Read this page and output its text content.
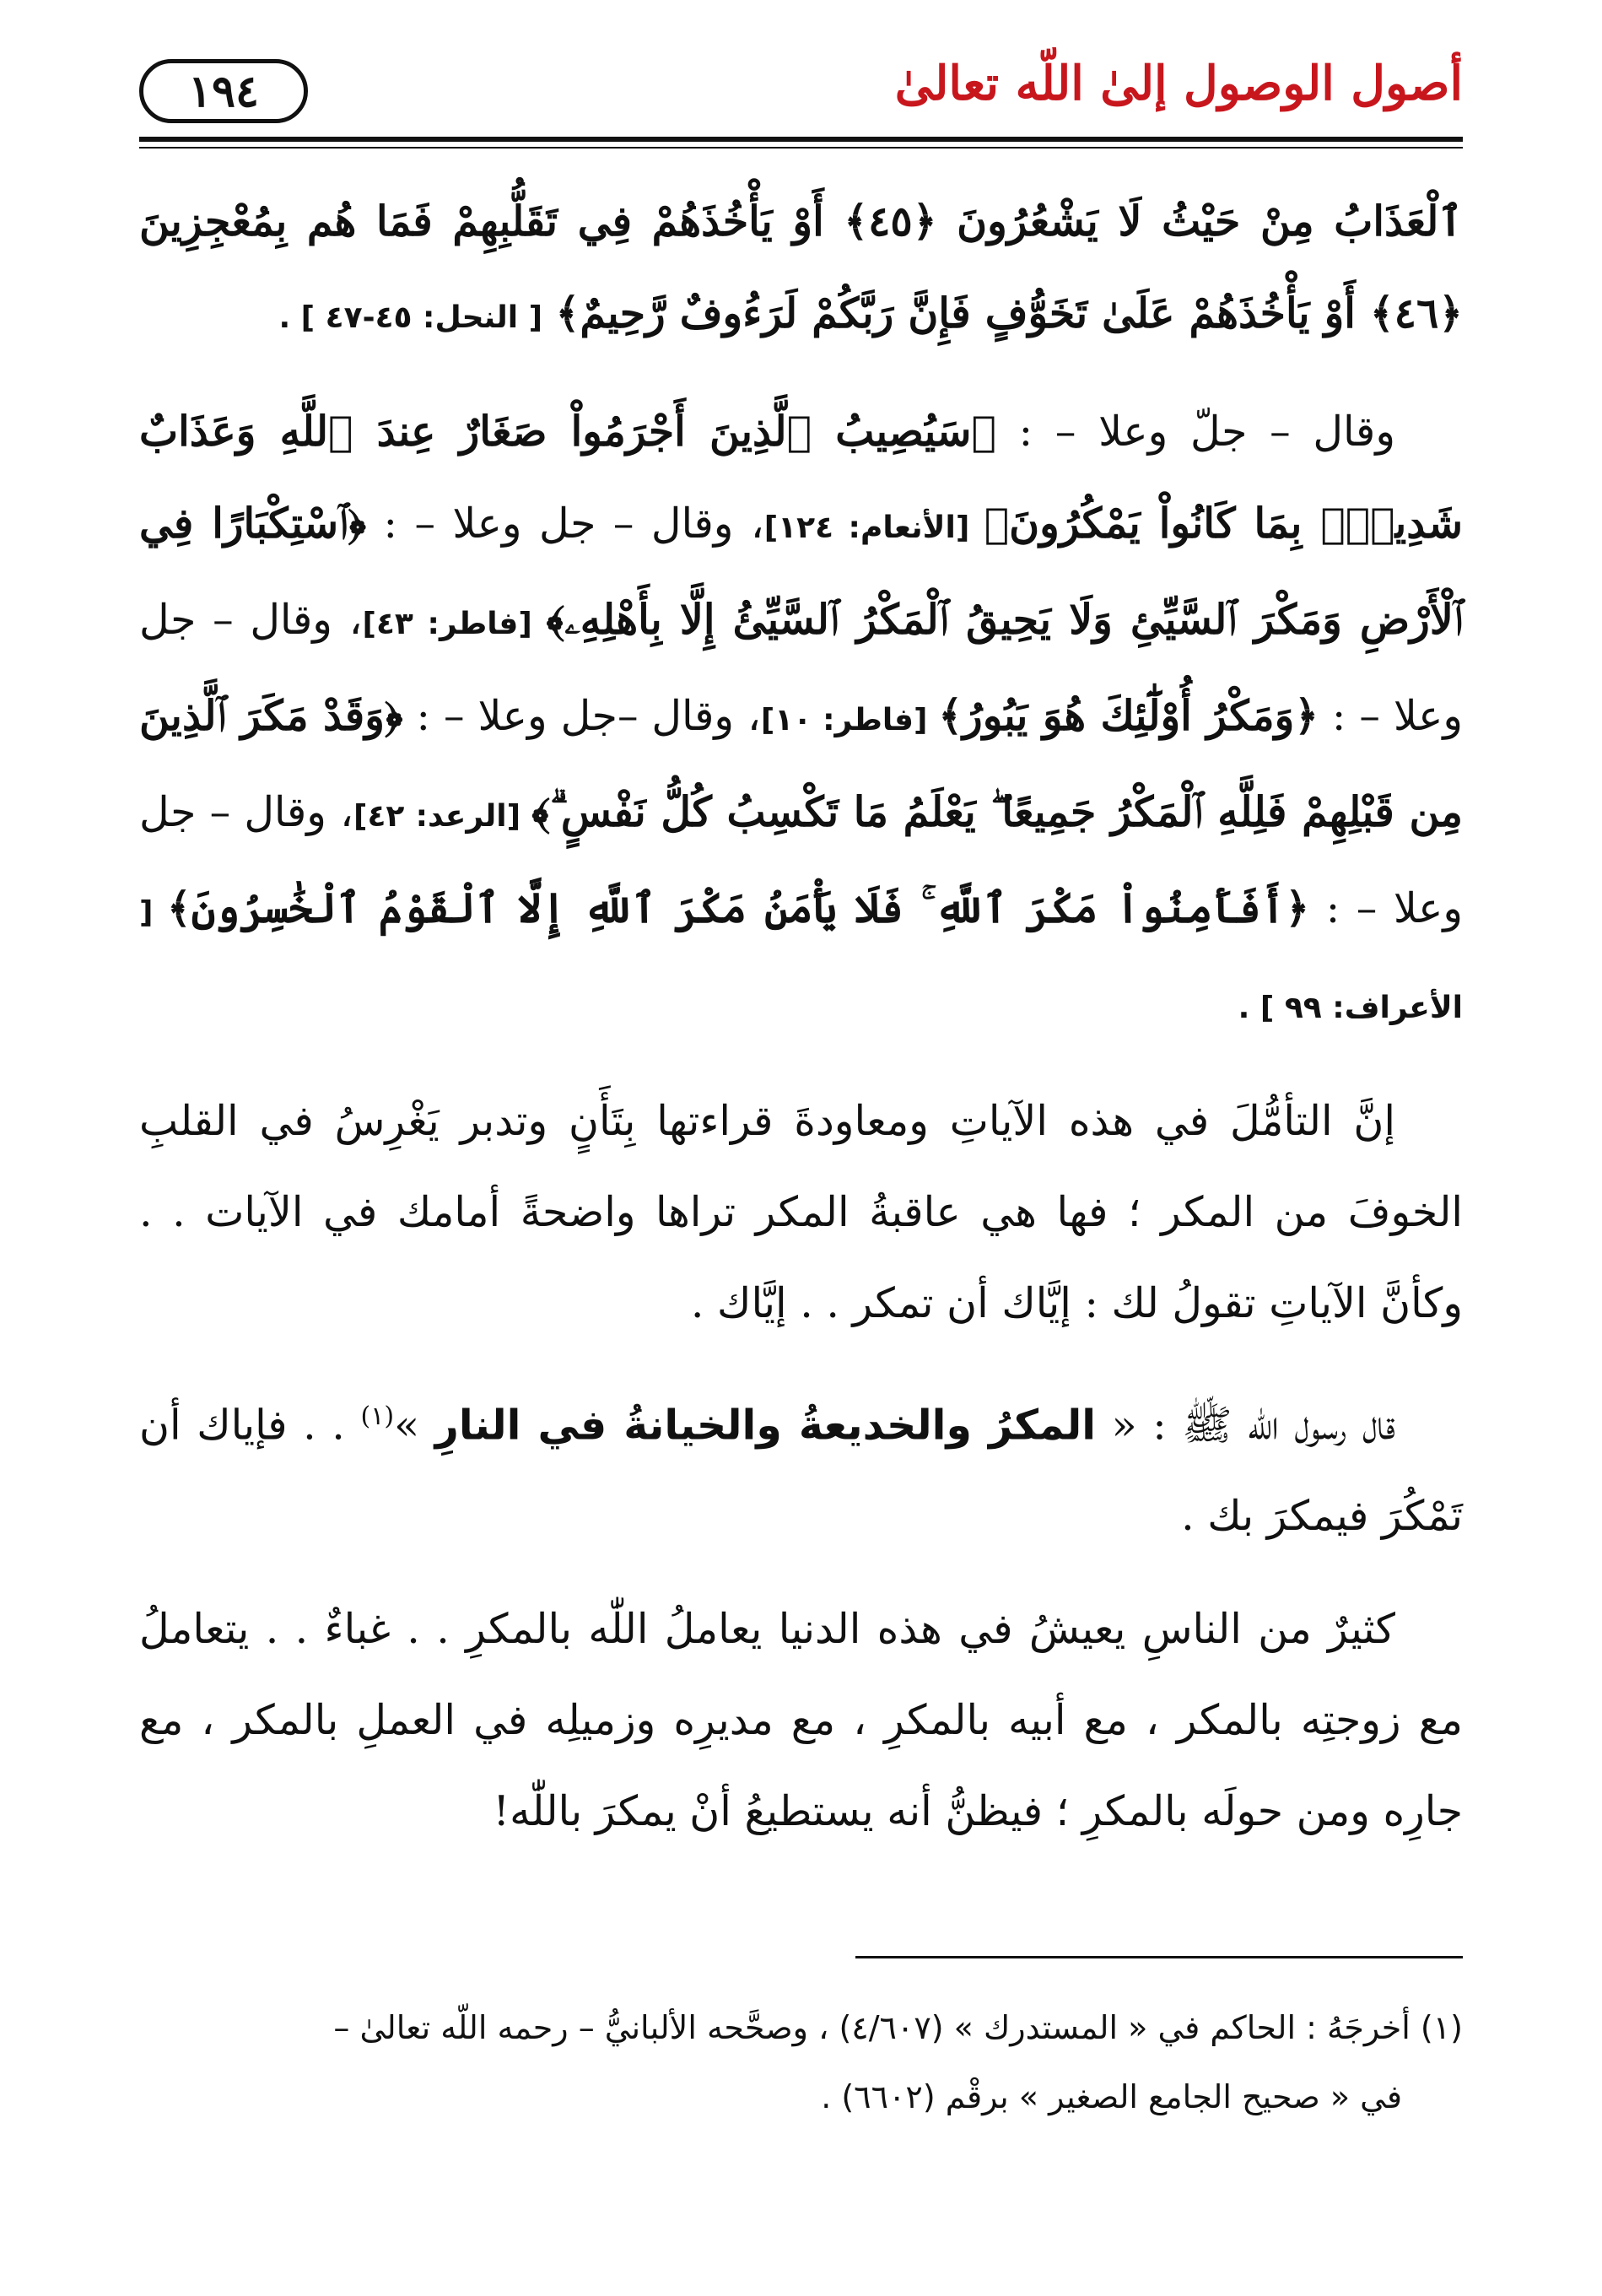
أصول الوصول إلىٰ اللّه تعالىٰ
١٩٤

ٱلْعَذَابُ مِنْ حَيْثُ لَا يَشْعُرُونَ ﴿٤٥﴾ أَوْ يَأْخُذَهُمْ فِي تَقَلُّبِهِمْ فَمَا هُم بِمُعْجِزِينَ ﴿٤٦﴾ أَوْ يَأْخُذَهُمْ عَلَىٰ تَخَوُّفٍ فَإِنَّ رَبَّكُمْ لَرَءُوفٌ رَّحِيمٌ﴾ [ النحل: ٤٥-٤٧ ] .

وقال – جلّ وعلا – : ﴿سَيُصِيبُ ٱلَّذِينَ أَجْرَمُواْ صَغَارٌ عِندَ ٱللَّهِ وَعَذَابٌ شَدِيدٌۢ بِمَا كَانُواْ يَمْكُرُونَ﴾ [الأنعام: ١٢٤]، وقال – جل وعلا – : ﴿ٱسْتِكْبَارًا فِي ٱلْأَرْضِ وَمَكْرَ ٱلسَّيِّئِ وَلَا يَحِيقُ ٱلْمَكْرُ ٱلسَّيِّئُ إِلَّا بِأَهْلِهِۦ﴾ [فاطر: ٤٣]، وقال – جل وعلا – : ﴿وَمَكْرُ أُوْلَٰٓئِكَ هُوَ يَبُورُ﴾ [فاطر: ١٠]، وقال –جل وعلا – : ﴿وَقَدْ مَكَرَ ٱلَّذِينَ مِن قَبْلِهِمْ فَلِلَّهِ ٱلْمَكْرُ جَمِيعًا ۖ يَعْلَمُ مَا تَكْسِبُ كُلُّ نَفْسٍ ۗ﴾ [الرعد: ٤٢]، وقال – جل وعلا – : ﴿أَفَأَمِنُواْ مَكْرَ ٱللَّهِ ۚ فَلَا يَأْمَنُ مَكْرَ ٱللَّهِ إِلَّا ٱلْقَوْمُ ٱلْخَٰسِرُونَ﴾ [ الأعراف: ٩٩ ] .

إنَّ التأمُّلَ في هذه الآياتِ ومعاودةَ قراءتها بِتَأَنٍ وتدبر يَغْرِسُ في القلبِ الخوفَ من المكر ؛ فها هي عاقبةُ المكر تراها واضحةً أمامك في الآيات . . وكأنَّ الآياتِ تقولُ لك : إيَّاك أن تمكر . . إيَّاك .

قال رسول اللّه ﷺ : « المكرُ والخديعةُ والخيانةُ في النارِ »$^{(١)}$ . . فإياك أن تَمْكُرَ فيمكرَ بك .

كثيرٌ من الناسِ يعيشُ في هذه الدنيا يعاملُ اللّٰه بالمكرِ . . غباءٌ . . يتعاملُ مع زوجتِه بالمكر ، مع أبيه بالمكرِ ، مع مديرِه وزميلِه في العملِ بالمكر ، مع جارِه ومن حولَه بالمكرِ ؛ فيظنُّ أنه يستطيعُ أنْ يمكرَ باللّٰه!

(١) أخرجَهُ : الحاكم في « المستدرك » (٤/٦٠٧) ، وصحَّحه الألبانيُّ – رحمه اللّه تعالىٰ –

في « صحيح الجامع الصغير » برقْم (٦٦٠٢) .
